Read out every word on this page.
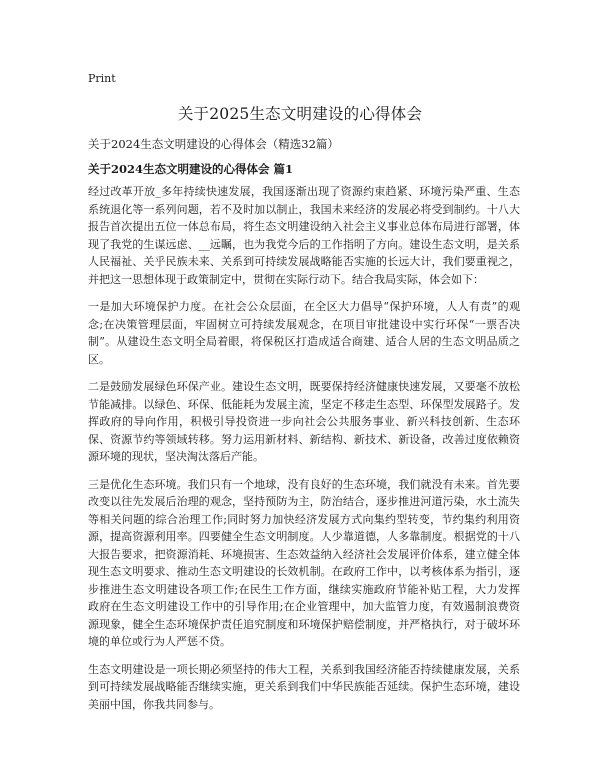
Print
关于2025生态文明建设的心得体会
关于2024生态文明建设的心得体会（精选32篇）
关于2024生态文明建设的心得体会 篇1

经过改革开放_多年持续快速发展，我国逐渐出现了资源约束趋紧、环境污染严重、生态系统退化等一系列问题，若不及时加以制止，我国未来经济的发展必将受到制约。十八大报告首次提出五位一体总布局，将生态文明建设纳入社会主义事业总体布局进行部署，体现了我党的生谋远虑、__远瞩，也为我党今后的工作指明了方向。建设生态文明，是关系人民福祉、关乎民族未来、关系到可持续发展战略能否实施的长远大计，我们要重视之，并把这一思想体现于政策制定中，贯彻在实际行动下。结合我局实际，体会如下：

一是加大环境保护力度。在社会公众层面，在全区大力倡导“保护环境，人人有责”的观念;在决策管理层面，牢固树立可持续发展观念，在项目审批建设中实行环保“一票否决制”。从建设生态文明全局着眼，将保税区打造成适合商建、适合人居的生态文明品质之区。

二是鼓励发展绿色环保产业。建设生态文明，既要保持经济健康快速发展，又要毫不放松节能减排。以绿色、环保、低能耗为发展主流，坚定不移走生态型、环保型发展路子。发挥政府的导向作用，积极引导投资进一步向社会公共服务事业、新兴科技创新、生态环保、资源节约等领域转移。努力运用新材料、新结构、新技术、新设备，改善过度依赖资源环境的现状，坚决淘汰落后产能。

三是优化生态环境。我们只有一个地球，没有良好的生态环境，我们就没有未来。首先要改变以往先发展后治理的观念，坚持预防为主，防治结合，逐步推进河道污染，水土流失等相关问题的综合治理工作;同时努力加快经济发展方式向集约型转变，节约集约利用资源，提高资源利用率。四要健全生态文明制度。人少靠道德，人多靠制度。根据党的十八大报告要求，把资源消耗、环境损害、生态效益纳入经济社会发展评价体系，建立健全体现生态文明要求、推动生态文明建设的长效机制。在政府工作中，以考核体系为指引，逐步推进生态文明建设各项工作;在民生工作方面，继续实施政府节能补贴工程，大力发挥政府在生态文明建设工作中的引导作用;在企业管理中，加大监管力度，有效遏制浪费资源现象，健全生态环境保护责任追究制度和环境保护赔偿制度，并严格执行，对于破坏环境的单位或行为人严惩不贷。

生态文明建设是一项长期必须坚持的伟大工程，关系到我国经济能否持续健康发展，关系到可持续发展战略能否继续实施，更关系到我们中华民族能否延续。保护生态环境，建设美丽中国，你我共同参与。
